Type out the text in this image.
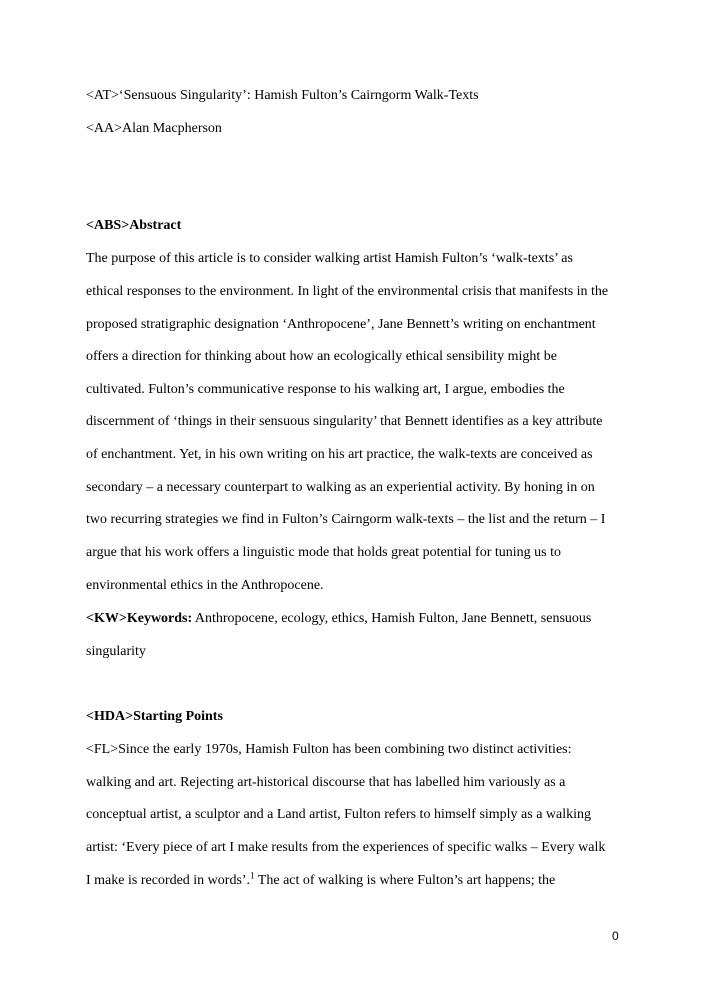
<AT>‘Sensuous Singularity’: Hamish Fulton’s Cairngorm Walk-Texts
<AA>Alan Macpherson
<ABS>Abstract
The purpose of this article is to consider walking artist Hamish Fulton’s ‘walk-texts’ as
ethical responses to the environment. In light of the environmental crisis that manifests in the
proposed stratigraphic designation ‘Anthropocene’, Jane Bennett’s writing on enchantment
offers a direction for thinking about how an ecologically ethical sensibility might be
cultivated. Fulton’s communicative response to his walking art, I argue, embodies the
discernment of ‘things in their sensuous singularity’ that Bennett identifies as a key attribute
of enchantment. Yet, in his own writing on his art practice, the walk-texts are conceived as
secondary – a necessary counterpart to walking as an experiential activity. By honing in on
two recurring strategies we find in Fulton’s Cairngorm walk-texts – the list and the return – I
argue that his work offers a linguistic mode that holds great potential for tuning us to
environmental ethics in the Anthropocene.
<KW>Keywords: Anthropocene, ecology, ethics, Hamish Fulton, Jane Bennett, sensuous
singularity
<HDA>Starting Points
<FL>Since the early 1970s, Hamish Fulton has been combining two distinct activities:
walking and art. Rejecting art-historical discourse that has labelled him variously as a
conceptual artist, a sculptor and a Land artist, Fulton refers to himself simply as a walking
artist: ‘Every piece of art I make results from the experiences of specific walks – Every walk
I make is recorded in words’.$^1$ The act of walking is where Fulton’s art happens; the
0
